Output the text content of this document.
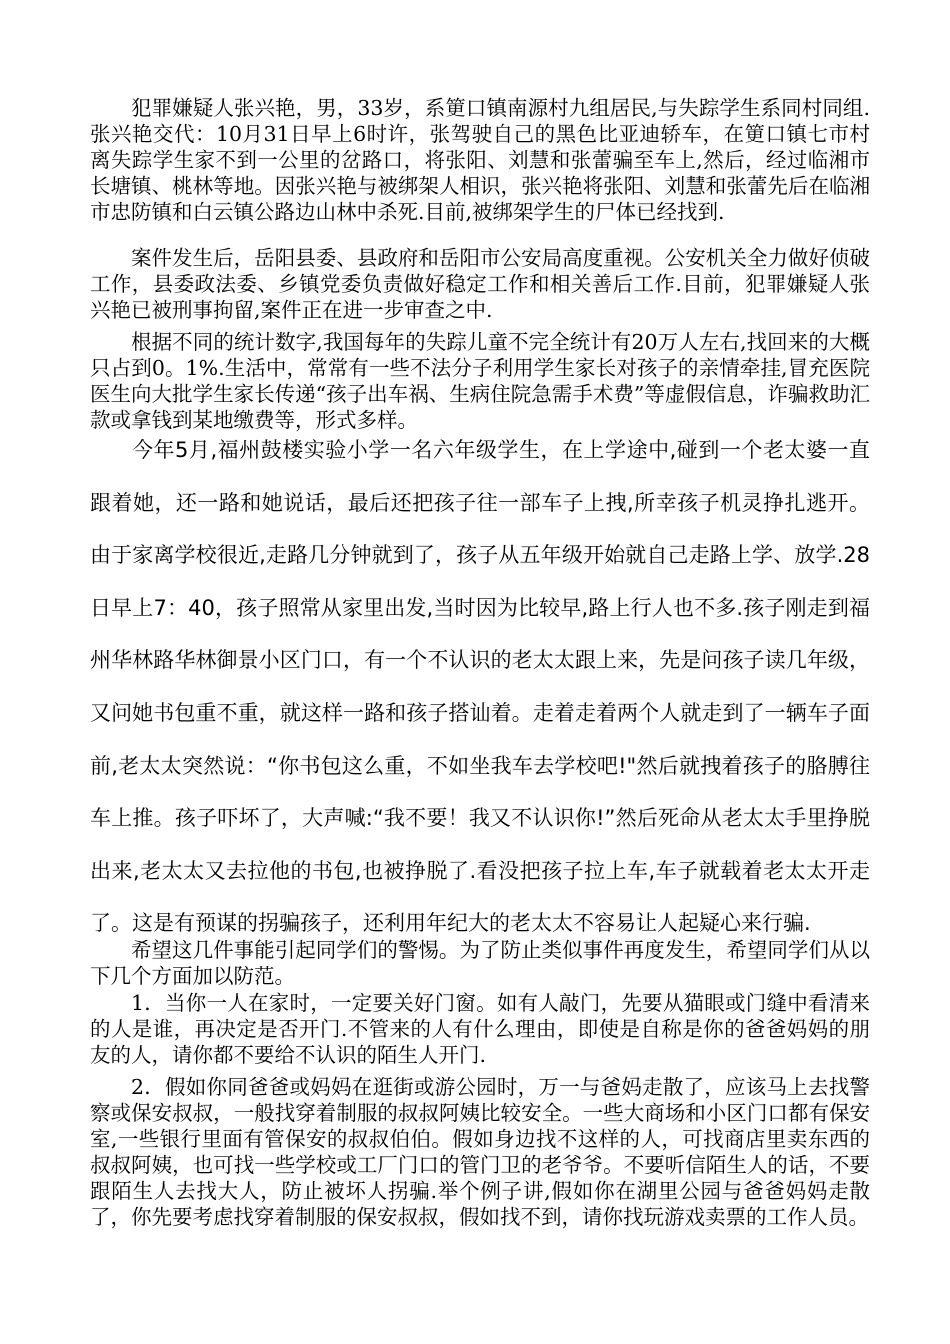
犯罪嫌疑人张兴艳，男，33岁，系筻口镇南源村九组居民,与失踪学生系同村同组.张兴艳交代：10月31日早上6时许，张驾驶自己的黑色比亚迪轿车，在筻口镇七市村离失踪学生家不到一公里的岔路口，将张阳、刘慧和张蕾骗至车上,然后，经过临湘市长塘镇、桃林等地。因张兴艳与被绑架人相识，张兴艳将张阳、刘慧和张蕾先后在临湘市忠防镇和白云镇公路边山林中杀死.目前,被绑架学生的尸体已经找到.

案件发生后，岳阳县委、县政府和岳阳市公安局高度重视。公安机关全力做好侦破工作，县委政法委、乡镇党委负责做好稳定工作和相关善后工作.目前，犯罪嫌疑人张兴艳已被刑事拘留,案件正在进一步审查之中.

根据不同的统计数字,我国每年的失踪儿童不完全统计有20万人左右,找回来的大概只占到0。1%.生活中，常常有一些不法分子利用学生家长对孩子的亲情牵挂,冒充医院医生向大批学生家长传递“孩子出车祸、生病住院急需手术费”等虚假信息，诈骗救助汇款或拿钱到某地缴费等，形式多样。

今年5月,福州鼓楼实验小学一名六年级学生，在上学途中,碰到一个老太婆一直跟着她，还一路和她说话，最后还把孩子往一部车子上拽,所幸孩子机灵挣扎逃开。由于家离学校很近,走路几分钟就到了，孩子从五年级开始就自己走路上学、放学.28日早上7：40，孩子照常从家里出发,当时因为比较早,路上行人也不多.孩子刚走到福州华林路华林御景小区门口，有一个不认识的老太太跟上来，先是问孩子读几年级，又问她书包重不重，就这样一路和孩子搭讪着。走着走着两个人就走到了一辆车子面前,老太太突然说：“你书包这么重，不如坐我车去学校吧!"然后就拽着孩子的胳膊往车上推。孩子吓坏了，大声喊:“我不要！我又不认识你!”然后死命从老太太手里挣脱出来,老太太又去拉他的书包,也被挣脱了.看没把孩子拉上车,车子就载着老太太开走了。这是有预谋的拐骗孩子，还利用年纪大的老太太不容易让人起疑心来行骗.

希望这几件事能引起同学们的警惕。为了防止类似事件再度发生，希望同学们从以下几个方面加以防范。

1．当你一人在家时，一定要关好门窗。如有人敲门，先要从猫眼或门缝中看清来的人是谁，再决定是否开门.不管来的人有什么理由，即使是自称是你的爸爸妈妈的朋友的人，请你都不要给不认识的陌生人开门.

2．假如你同爸爸或妈妈在逛街或游公园时，万一与爸妈走散了，应该马上去找警察或保安叔叔，一般找穿着制服的叔叔阿姨比较安全。一些大商场和小区门口都有保安室,一些银行里面有管保安的叔叔伯伯。假如身边找不这样的人，可找商店里卖东西的叔叔阿姨，也可找一些学校或工厂门口的管门卫的老爷爷。不要听信陌生人的话，不要跟陌生人去找大人，防止被坏人拐骗.举个例子讲,假如你在湖里公园与爸爸妈妈走散了，你先要考虑找穿着制服的保安叔叔，假如找不到，请你找玩游戏卖票的工作人员。
